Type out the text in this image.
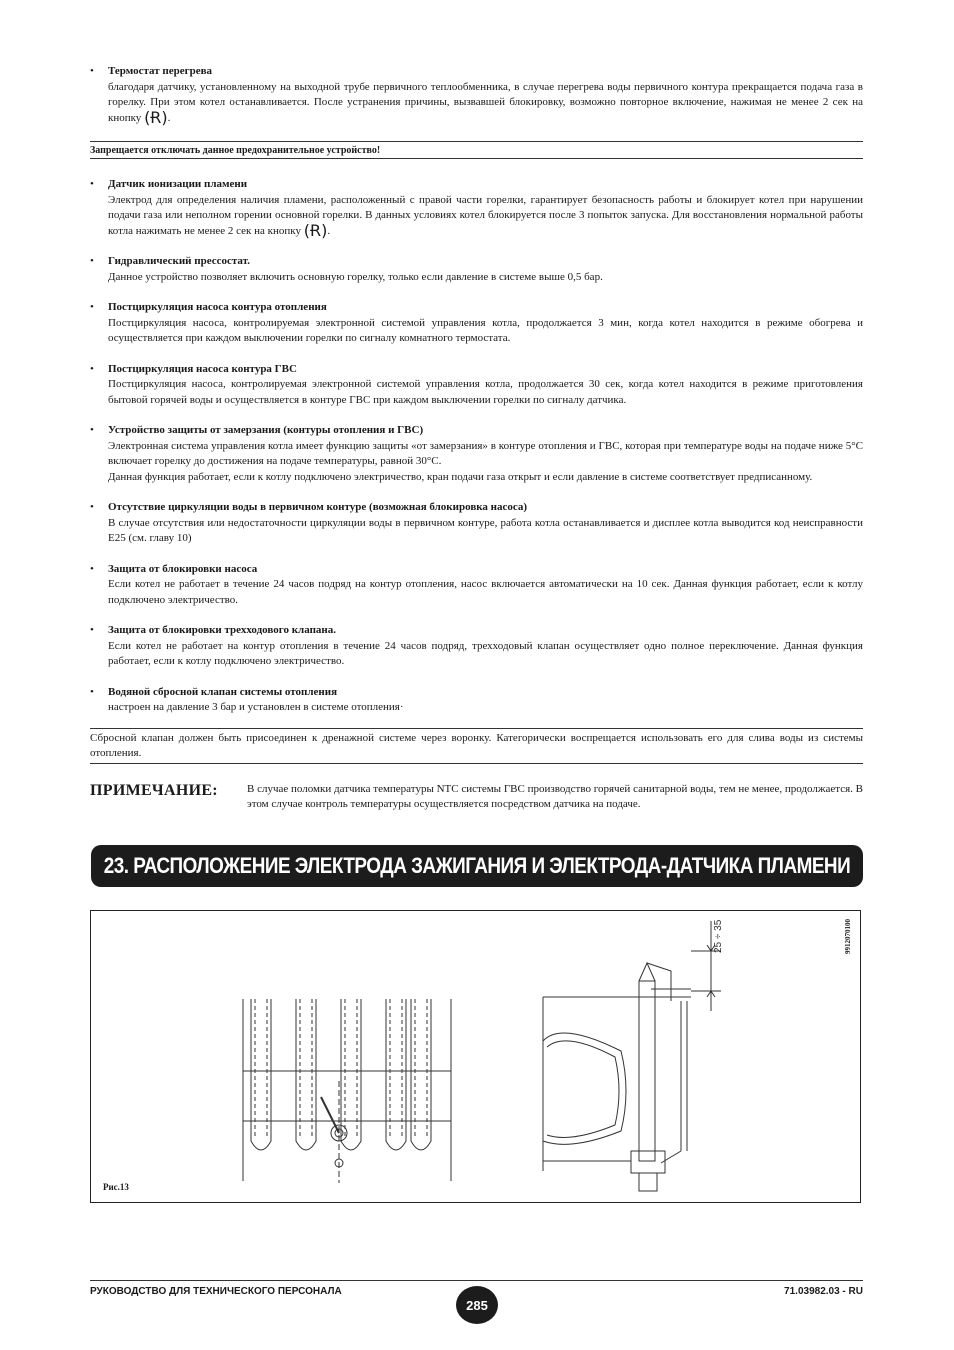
• Термостат перегрева
благодаря датчику, установленному на выходной трубе первичного теплообменника, в случае перегрева воды первичного контура прекращается подача газа в горелку. При этом котел останавливается. После устранения причины, вызвавшей блокировку, возможно повторное включение, нажимая не менее 2 сек на кнопку (Ɍ).
Запрещается отключать данное предохранительное устройство!
• Датчик ионизации пламени
Электрод для определения наличия пламени, расположенный с правой части горелки, гарантирует безопасность работы и блокирует котел при нарушении подачи газа или неполном горении основной горелки. В данных условиях котел блокируется после 3 попыток запуска. Для восстановления нормальной работы котла нажимать не менее 2 сек на кнопку (Ɍ).
• Гидравлический прессостат.
Данное устройство позволяет включить основную горелку, только если давление в системе выше 0,5 бар.
• Постциркуляция насоса контура отопления
Постциркуляция насоса, контролируемая электронной системой управления котла, продолжается 3 мин, когда котел находится в режиме обогрева и осуществляется при каждом выключении горелки по сигналу комнатного термостата.
• Постциркуляция насоса контура ГВС
Постциркуляция насоса, контролируемая электронной системой управления котла, продолжается 30 сек, когда котел находится в режиме приготовления бытовой горячей воды и осуществляется в контуре ГВС при каждом выключении горелки по сигналу датчика.
• Устройство защиты от замерзания (контуры отопления и ГВС)
Электронная система управления котла имеет функцию защиты «от замерзания» в контуре отопления и ГВС, которая при температуре воды на подаче ниже 5°С включает горелку до достижения на подаче температуры, равной 30°С.
Данная функция работает, если к котлу подключено электричество, кран подачи газа открыт и если давление в системе соответствует предписанному.
• Отсутствие циркуляции воды в первичном контуре (возможная блокировка насоса)
В случае отсутствия или недостаточности циркуляции воды в первичном контуре, работа котла останавливается и дисплее котла выводится код неисправности E25 (см. главу 10)
• Защита от блокировки насоса
Если котел не работает в течение 24 часов подряд на контур отопления, насос включается автоматически на 10 сек. Данная функция работает, если к котлу подключено электричество.
• Защита от блокировки трехходового клапана.
Если котел не работает на контур отопления в течение 24 часов подряд, трехходовый клапан осуществляет одно полное переключение. Данная функция работает, если к котлу подключено электричество.
• Водяной сбросной клапан системы отопления
настроен на давление 3 бар и установлен в системе отопления·
Сбросной клапан должен быть присоединен к дренажной системе через воронку. Категорически воспрещается использовать его для слива воды из системы отопления.
ПРИМЕЧАНИЕ:	В случае поломки датчика температуры NTC системы ГВС производство горячей санитарной воды, тем не менее, продолжается. В этом случае контроль температуры осуществляется посредством датчика на подаче.
23. РАСПОЛОЖЕНИЕ ЭЛЕКТРОДА ЗАЖИГАНИЯ И ЭЛЕКТРОДА-ДАТЧИКА ПЛАМЕНИ
25 ÷ 35	9912070100
Рис.13
РУКОВОДСТВО ДЛЯ ТЕХНИЧЕСКОГО ПЕРСОНАЛА
285
71.03982.03 - RU
